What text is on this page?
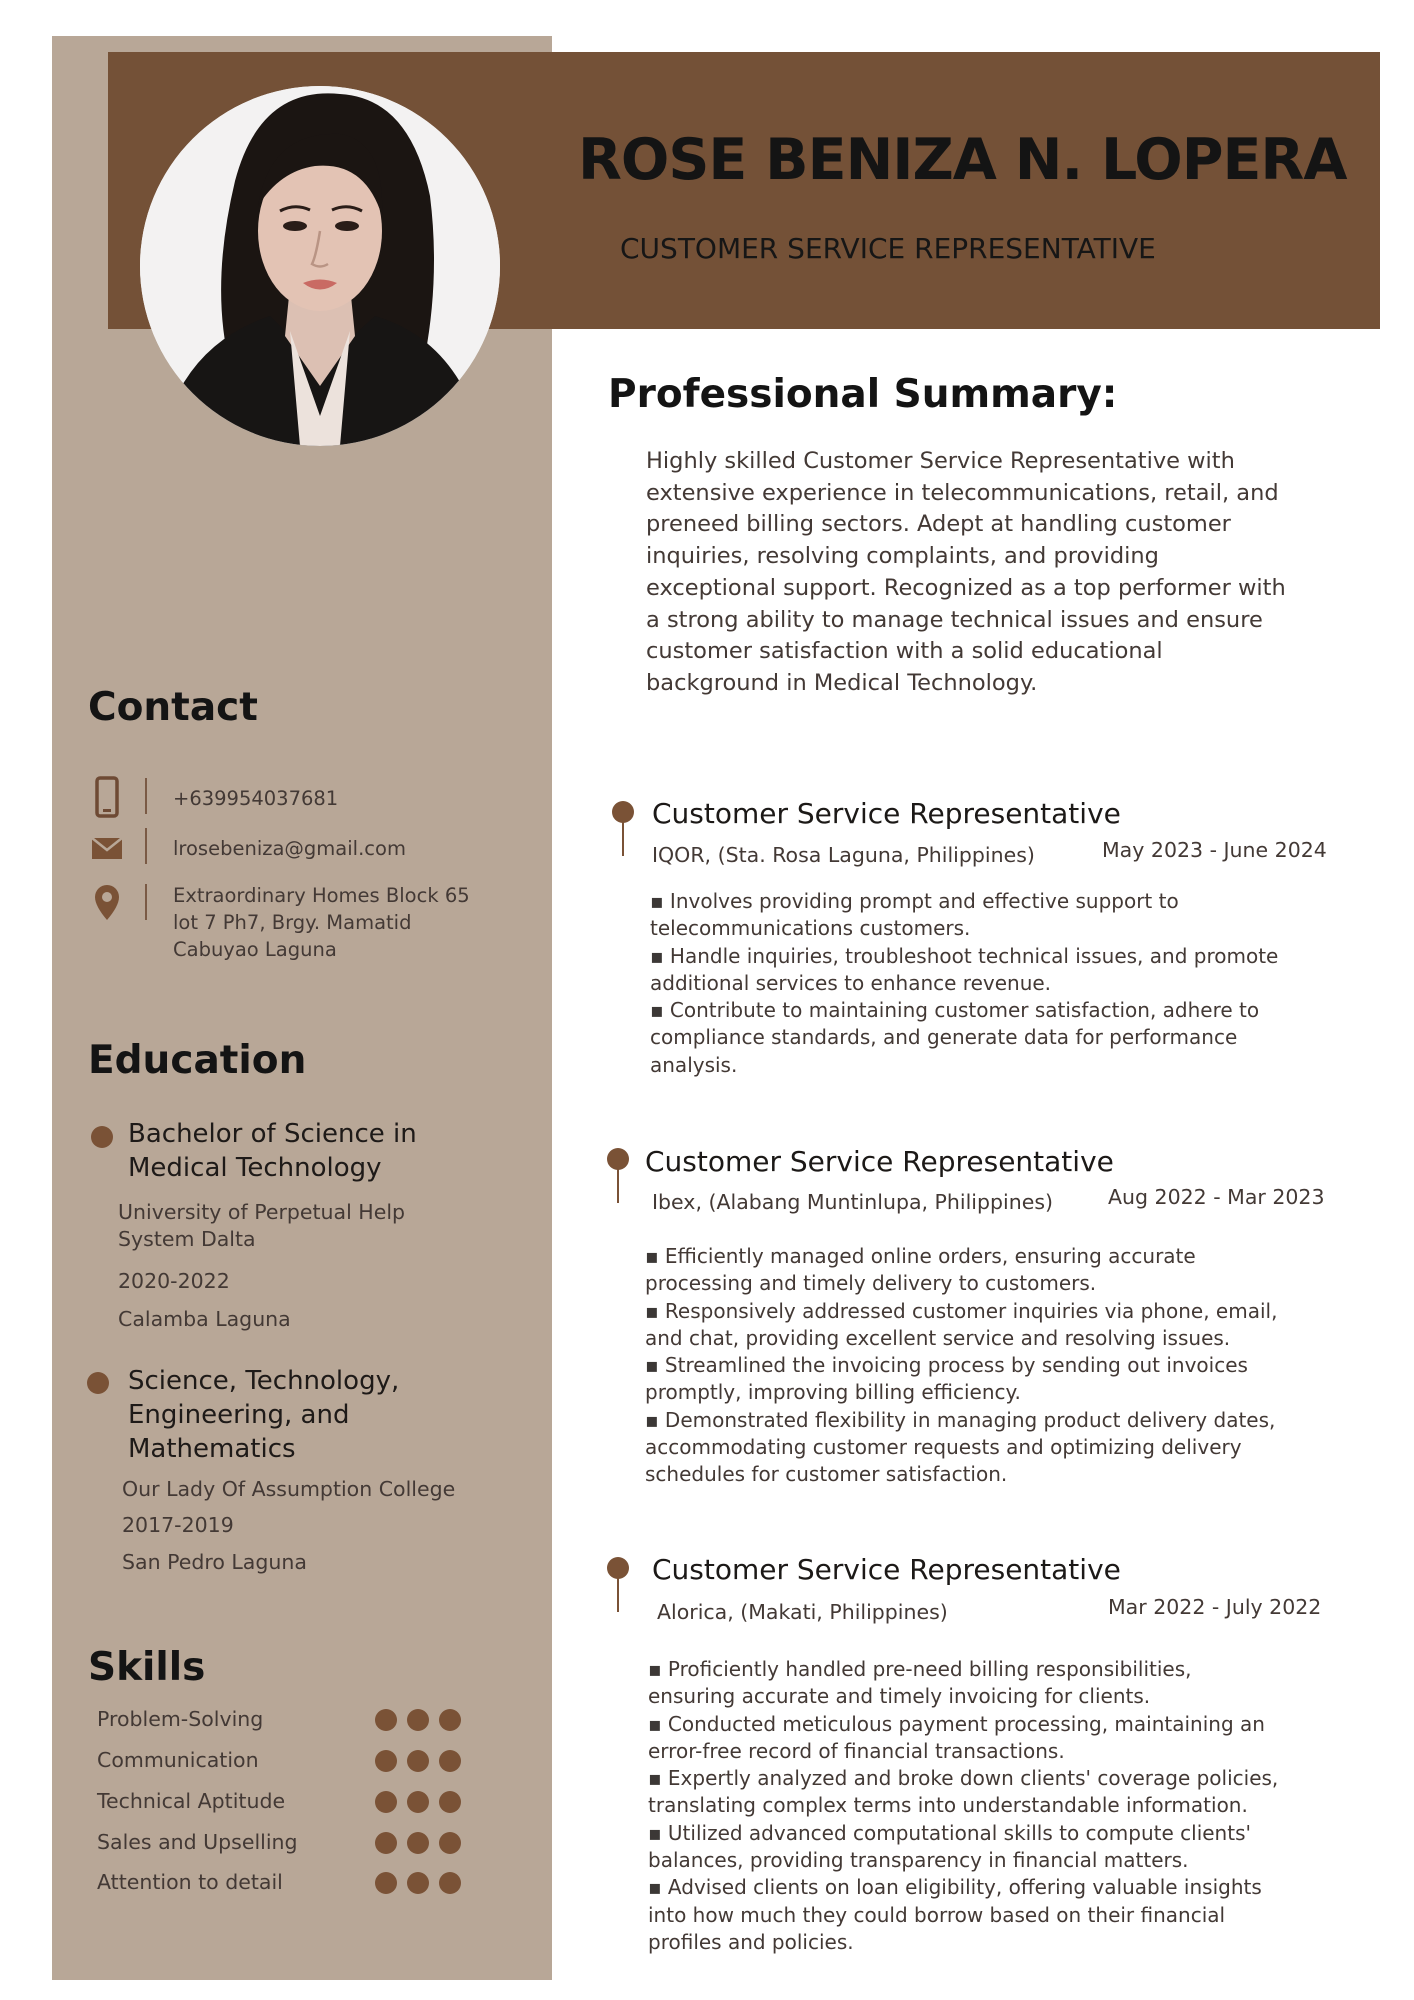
ROSE BENIZA N. LOPERA
CUSTOMER SERVICE REPRESENTATIVE
Contact
+639954037681
lrosebeniza@gmail.com
Extraordinary Homes Block 65
lot 7 Ph7, Brgy. Mamatid
Cabuyao Laguna
Education
Bachelor of Science in
Medical Technology
University of Perpetual Help
System Dalta
2020-2022
Calamba Laguna
Science, Technology,
Engineering, and
Mathematics
Our Lady Of Assumption College
2017-2019
San Pedro Laguna
Skills
Problem-Solving
Communication
Technical Aptitude
Sales and Upselling
Attention to detail
Professional Summary:
Highly skilled Customer Service Representative with
extensive experience in telecommunications, retail, and
preneed billing sectors. Adept at handling customer
inquiries, resolving complaints, and providing
exceptional support. Recognized as a top performer with
a strong ability to manage technical issues and ensure
customer satisfaction with a solid educational
background in Medical Technology.
Customer Service Representative
IQOR, (Sta. Rosa Laguna, Philippines)	May 2023 - June 2024
▪ Involves providing prompt and effective support to
telecommunications customers.
▪ Handle inquiries, troubleshoot technical issues, and promote
additional services to enhance revenue.
▪ Contribute to maintaining customer satisfaction, adhere to
compliance standards, and generate data for performance
analysis.
Customer Service Representative
Ibex, (Alabang Muntinlupa, Philippines)	Aug 2022 - Mar 2023
▪ Efficiently managed online orders, ensuring accurate
processing and timely delivery to customers.
▪ Responsively addressed customer inquiries via phone, email,
and chat, providing excellent service and resolving issues.
▪ Streamlined the invoicing process by sending out invoices
promptly, improving billing efficiency.
▪ Demonstrated flexibility in managing product delivery dates,
accommodating customer requests and optimizing delivery
schedules for customer satisfaction.
Customer Service Representative
Alorica, (Makati, Philippines)	Mar 2022 - July 2022
▪ Proficiently handled pre-need billing responsibilities,
ensuring accurate and timely invoicing for clients.
▪ Conducted meticulous payment processing, maintaining an
error-free record of financial transactions.
▪ Expertly analyzed and broke down clients' coverage policies,
translating complex terms into understandable information.
▪ Utilized advanced computational skills to compute clients'
balances, providing transparency in financial matters.
▪ Advised clients on loan eligibility, offering valuable insights
into how much they could borrow based on their financial
profiles and policies.
